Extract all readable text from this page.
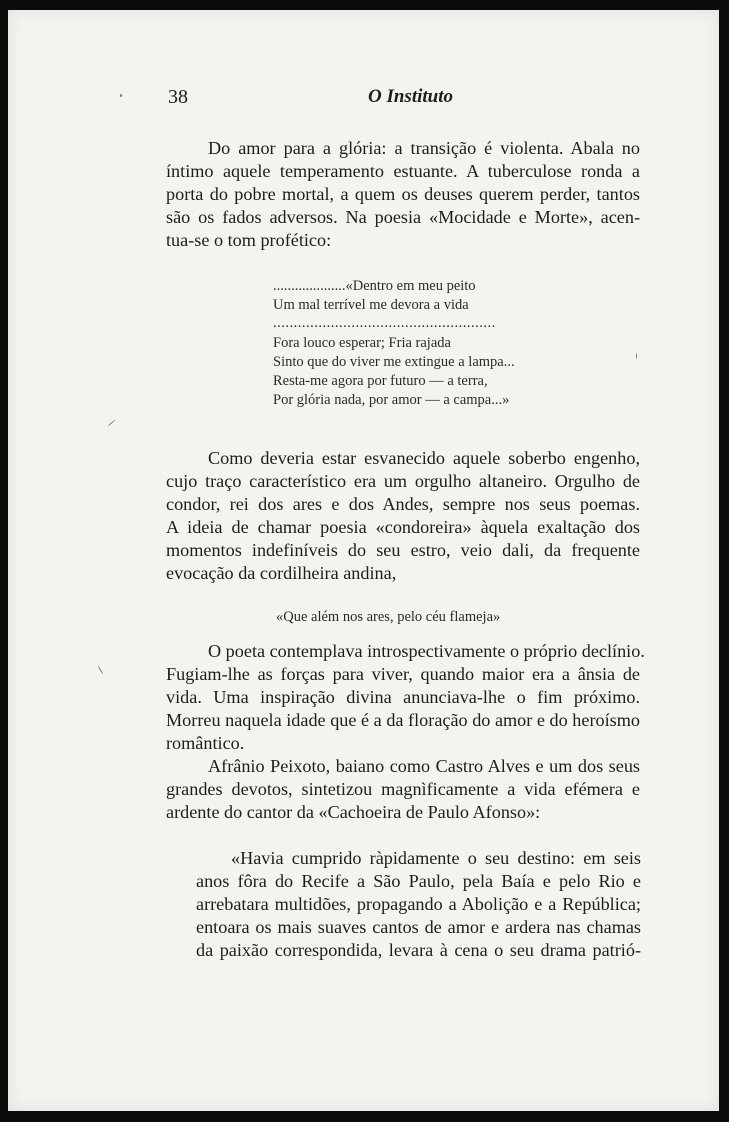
38	O Instituto
Do amor para a glória: a transição é violenta. Abala no
íntimo aquele temperamento estuante. A tuberculose ronda a
porta do pobre mortal, a quem os deuses querem perder, tantos
são os fados adversos. Na poesia «Mocidade e Morte», acen-
tua-se o tom profético:
....................«Dentro em meu peito
Um mal terrível me devora a vida
......................................................
Fora louco esperar; Fria rajada
Sinto que do viver me extingue a lampa...
Resta-me agora por futuro — a terra,
Por glória nada, por amor — a campa...»
Como deveria estar esvanecido aquele soberbo engenho,
cujo traço característico era um orgulho altaneiro. Orgulho de
condor, rei dos ares e dos Andes, sempre nos seus poemas.
A ideia de chamar poesia «condoreira» àquela exaltação dos
momentos indefiníveis do seu estro, veio dali, da frequente
evocação da cordilheira andina,
«Que além nos ares, pelo céu flameja»
O poeta contemplava introspectivamente o próprio declínio.
Fugiam-lhe as forças para viver, quando maior era a ânsia de
vida. Uma inspiração divina anunciava-lhe o fim próximo.
Morreu naquela idade que é a da floração do amor e do heroísmo
romântico.
Afrânio Peixoto, baiano como Castro Alves e um dos seus
grandes devotos, sintetizou magnìficamente a vida efémera e
ardente do cantor da «Cachoeira de Paulo Afonso»:
«Havia cumprido ràpidamente o seu destino: em seis
anos fôra do Recife a São Paulo, pela Baía e pelo Rio e
arrebatara multidões, propagando a Abolição e a República;
entoara os mais suaves cantos de amor e ardera nas chamas
da paixão correspondida, levara à cena o seu drama patrió-
